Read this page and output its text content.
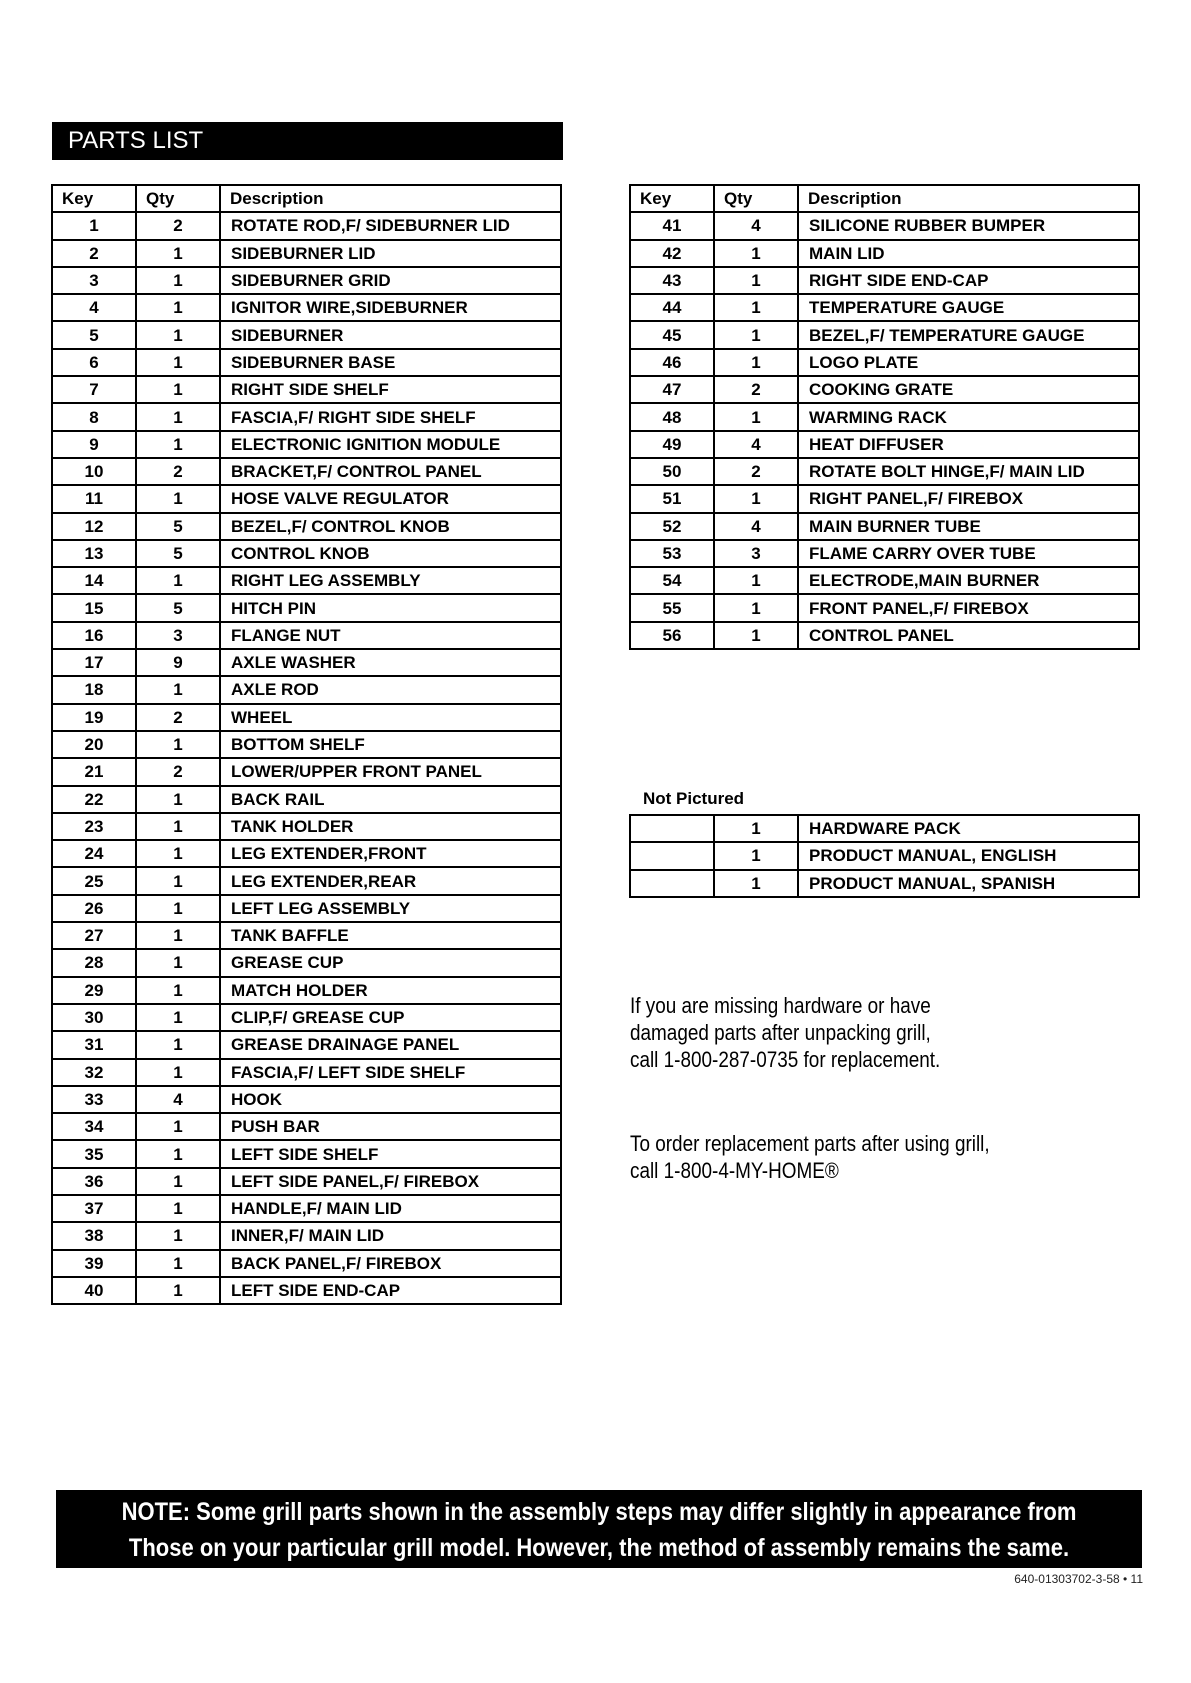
PARTS LIST
Key	Qty	Description
1	2	ROTATE ROD,F/ SIDEBURNER LID
2	1	SIDEBURNER LID
3	1	SIDEBURNER GRID
4	1	IGNITOR WIRE,SIDEBURNER
5	1	SIDEBURNER
6	1	SIDEBURNER BASE
7	1	RIGHT SIDE SHELF
8	1	FASCIA,F/ RIGHT SIDE SHELF
9	1	ELECTRONIC IGNITION MODULE
10	2	BRACKET,F/ CONTROL PANEL
11	1	HOSE VALVE REGULATOR
12	5	BEZEL,F/ CONTROL KNOB
13	5	CONTROL KNOB
14	1	RIGHT LEG ASSEMBLY
15	5	HITCH PIN
16	3	FLANGE NUT
17	9	AXLE WASHER
18	1	AXLE ROD
19	2	WHEEL
20	1	BOTTOM SHELF
21	2	LOWER/UPPER FRONT PANEL
22	1	BACK RAIL
23	1	TANK HOLDER
24	1	LEG EXTENDER,FRONT
25	1	LEG EXTENDER,REAR
26	1	LEFT LEG ASSEMBLY
27	1	TANK BAFFLE
28	1	GREASE CUP
29	1	MATCH HOLDER
30	1	CLIP,F/ GREASE CUP
31	1	GREASE DRAINAGE PANEL
32	1	FASCIA,F/ LEFT SIDE SHELF
33	4	HOOK
34	1	PUSH BAR
35	1	LEFT SIDE SHELF
36	1	LEFT SIDE PANEL,F/ FIREBOX
37	1	HANDLE,F/ MAIN LID
38	1	INNER,F/ MAIN LID
39	1	BACK PANEL,F/ FIREBOX
40	1	LEFT SIDE END-CAP
Key	Qty	Description
41	4	SILICONE RUBBER BUMPER
42	1	MAIN LID
43	1	RIGHT SIDE END-CAP
44	1	TEMPERATURE GAUGE
45	1	BEZEL,F/ TEMPERATURE GAUGE
46	1	LOGO PLATE
47	2	COOKING GRATE
48	1	WARMING RACK
49	4	HEAT DIFFUSER
50	2	ROTATE BOLT HINGE,F/ MAIN LID
51	1	RIGHT PANEL,F/ FIREBOX
52	4	MAIN BURNER TUBE
53	3	FLAME CARRY OVER TUBE
54	1	ELECTRODE,MAIN BURNER
55	1	FRONT PANEL,F/ FIREBOX
56	1	CONTROL PANEL
Not Pictured
	1	HARDWARE PACK
	1	PRODUCT MANUAL, ENGLISH
	1	PRODUCT MANUAL, SPANISH

If you are missing hardware or have

damaged parts after unpacking grill,

call 1-800-287-0735 for replacement.

To order replacement parts after using grill,

call 1-800-4-MY-HOME®

NOTE: Some grill parts shown in the assembly steps may differ slightly in appearance from
Those on your particular grill model. However, the method of assembly remains the same.
640-01303702-3-58 • 11
